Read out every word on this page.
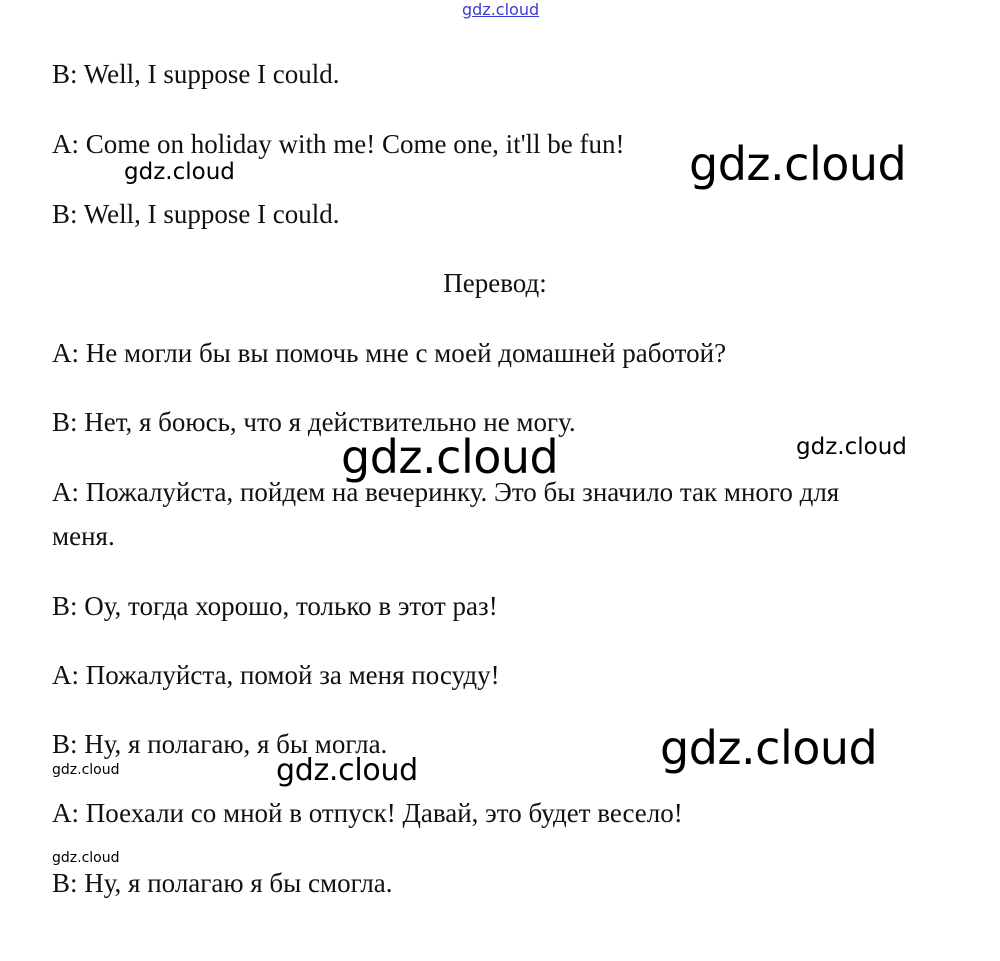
gdz.cloud

B: Well, I suppose I could.

A: Come on holiday with me! Come one, it'll be fun!

B: Well, I suppose I could.

Перевод:

A: Не могли бы вы помочь мне с моей домашней работой?

B: Нет, я боюсь, что я действительно не могу.

A: Пожалуйста, пойдем на вечеринку. Это бы значило так много для

меня.

B: Оу, тогда хорошо, только в этот раз!

A: Пожалуйста, помой за меня посуду!

B: Ну, я полагаю, я бы могла.

A: Поехали со мной в отпуск! Давай, это будет весело!

B: Ну, я полагаю я бы смогла.

gdz.cloud	gdz.cloud
gdz.cloud	gdz.cloud
gdz.cloud
gdz.cloud
gdz.cloud
gdz.cloud
